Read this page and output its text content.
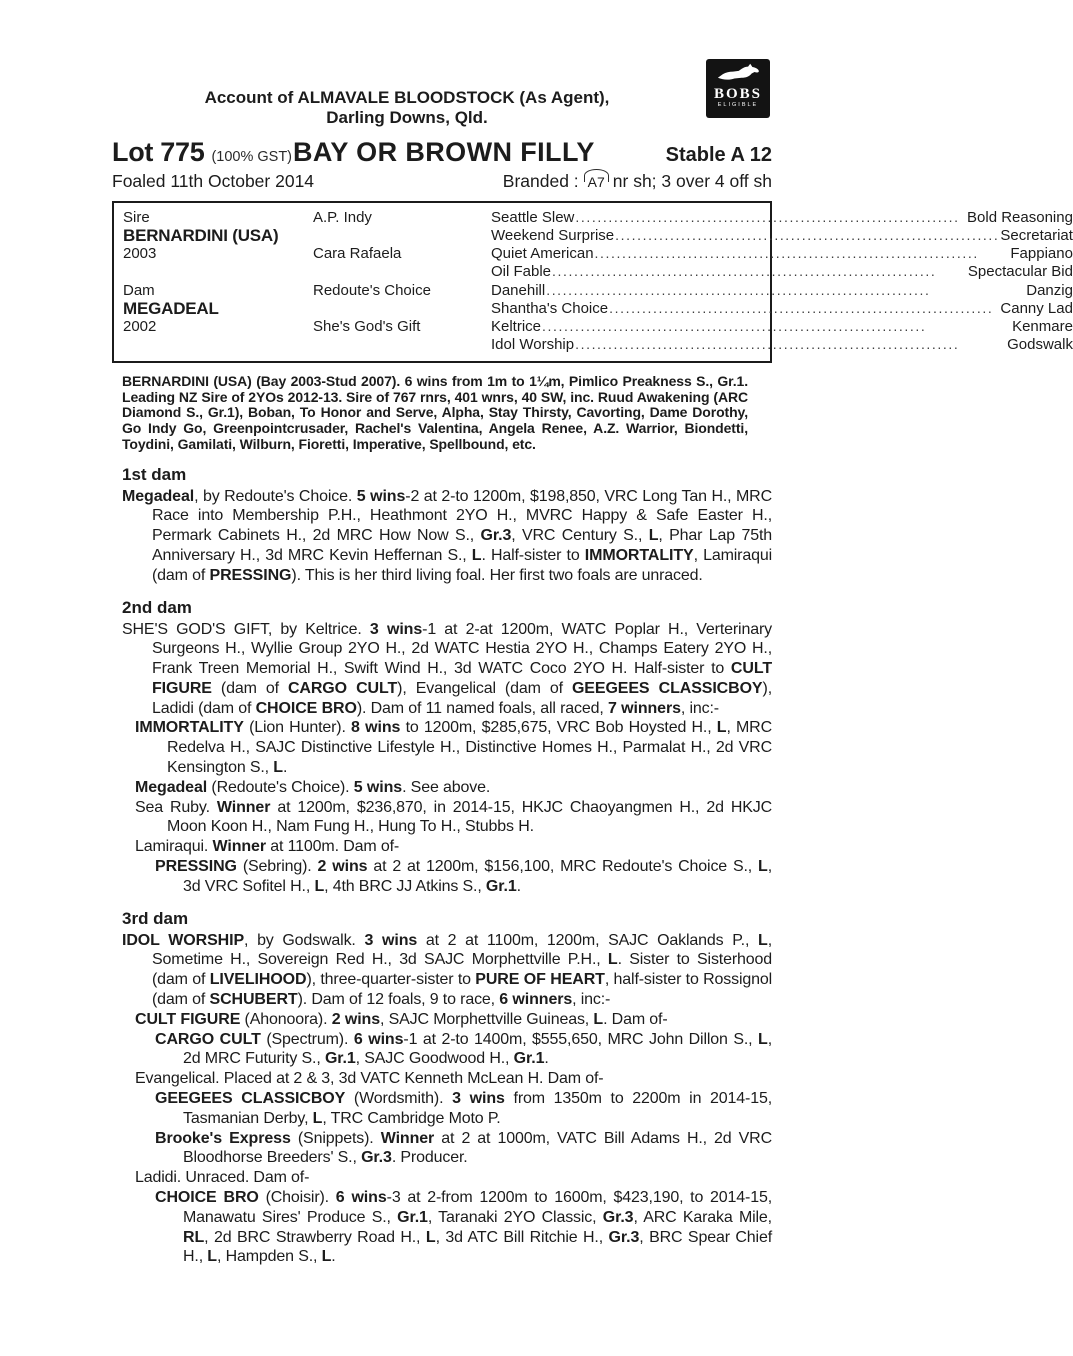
BOBS
ELIGIBLE
Account of ALMAVALE BLOODSTOCK (As Agent),
Darling Downs, Qld.
Lot 775 (100% GST) BAY OR BROWN FILLY	Stable A 12
Foaled 11th October 2014	Branded : A7 nr sh; 3 over 4 off sh
Sire
BERNARDINI (USA)
2003
A.P. Indy	Seattle Slew .....	Bold Reasoning
Weekend Surprise .....	Secretariat
Cara Rafaela	Quiet American .....	Fappiano
Oil Fable .....	Spectacular Bid
Dam
MEGADEAL
2002
Redoute's Choice	Danehill .....	Danzig
Shantha's Choice .....	Canny Lad
She's God's Gift	Keltrice .....	Kenmare
Idol Worship .....	Godswalk

BERNARDINI (USA) (Bay 2003-Stud 2007). 6 wins from 1m to 1¼m, Pimlico Preakness S., Gr.1. Leading NZ Sire of 2YOs 2012-13. Sire of 767 rnrs, 401 wnrs, 40 SW, inc. Ruud Awakening (ARC Diamond S., Gr.1), Boban, To Honor and Serve, Alpha, Stay Thirsty, Cavorting, Dame Dorothy, Go Indy Go, Greenpointcrusader, Rachel's Valentina, Angela Renee, A.Z. Warrior, Biondetti, Toydini, Gamilati, Wilburn, Fioretti, Imperative, Spellbound, etc.

1st dam

Megadeal, by Redoute's Choice. 5 wins-2 at 2-to 1200m, $198,850, VRC Long Tan H., MRC Race into Membership P.H., Heathmont 2YO H., MVRC Happy & Safe Easter H., Permark Cabinets H., 2d MRC How Now S., Gr.3, VRC Century S., L, Phar Lap 75th Anniversary H., 3d MRC Kevin Heffernan S., L. Half-sister to IMMORTALITY, Lamiraqui (dam of PRESSING). This is her third living foal. Her first two foals are unraced.

2nd dam

SHE'S GOD'S GIFT, by Keltrice. 3 wins-1 at 2-at 1200m, WATC Poplar H., Verterinary Surgeons H., Wyllie Group 2YO H., 2d WATC Hestia 2YO H., Champs Eatery 2YO H., Frank Treen Memorial H., Swift Wind H., 3d WATC Coco 2YO H. Half-sister to CULT FIGURE (dam of CARGO CULT), Evangelical (dam of GEEGEES CLASSICBOY), Ladidi (dam of CHOICE BRO). Dam of 11 named foals, all raced, 7 winners, inc:-

IMMORTALITY (Lion Hunter). 8 wins to 1200m, $285,675, VRC Bob Hoysted H., L, MRC Redelva H., SAJC Distinctive Lifestyle H., Distinctive Homes H., Parmalat H., 2d VRC Kensington S., L.

Megadeal (Redoute's Choice). 5 wins. See above.

Sea Ruby. Winner at 1200m, $236,870, in 2014-15, HKJC Chaoyangmen H., 2d HKJC Moon Koon H., Nam Fung H., Hung To H., Stubbs H.

Lamiraqui. Winner at 1100m. Dam of-

PRESSING (Sebring). 2 wins at 2 at 1200m, $156,100, MRC Redoute's Choice S., L, 3d VRC Sofitel H., L, 4th BRC JJ Atkins S., Gr.1.

3rd dam

IDOL WORSHIP, by Godswalk. 3 wins at 2 at 1100m, 1200m, SAJC Oaklands P., L, Sometime H., Sovereign Red H., 3d SAJC Morphettville P.H., L. Sister to Sisterhood (dam of LIVELIHOOD), three-quarter-sister to PURE OF HEART, half-sister to Rossignol (dam of SCHUBERT). Dam of 12 foals, 9 to race, 6 winners, inc:-

CULT FIGURE (Ahonoora). 2 wins, SAJC Morphettville Guineas, L. Dam of-

CARGO CULT (Spectrum). 6 wins-1 at 2-to 1400m, $555,650, MRC John Dillon S., L, 2d MRC Futurity S., Gr.1, SAJC Goodwood H., Gr.1.

Evangelical. Placed at 2 & 3, 3d VATC Kenneth McLean H. Dam of-

GEEGEES CLASSICBOY (Wordsmith). 3 wins from 1350m to 2200m in 2014-15, Tasmanian Derby, L, TRC Cambridge Moto P.

Brooke's Express (Snippets). Winner at 2 at 1000m, VATC Bill Adams H., 2d VRC Bloodhorse Breeders' S., Gr.3. Producer.

Ladidi. Unraced. Dam of-

CHOICE BRO (Choisir). 6 wins-3 at 2-from 1200m to 1600m, $423,190, to 2014-15, Manawatu Sires' Produce S., Gr.1, Taranaki 2YO Classic, Gr.3, ARC Karaka Mile, RL, 2d BRC Strawberry Road H., L, 3d ATC Bill Ritchie H., Gr.3, BRC Spear Chief H., L, Hampden S., L.
